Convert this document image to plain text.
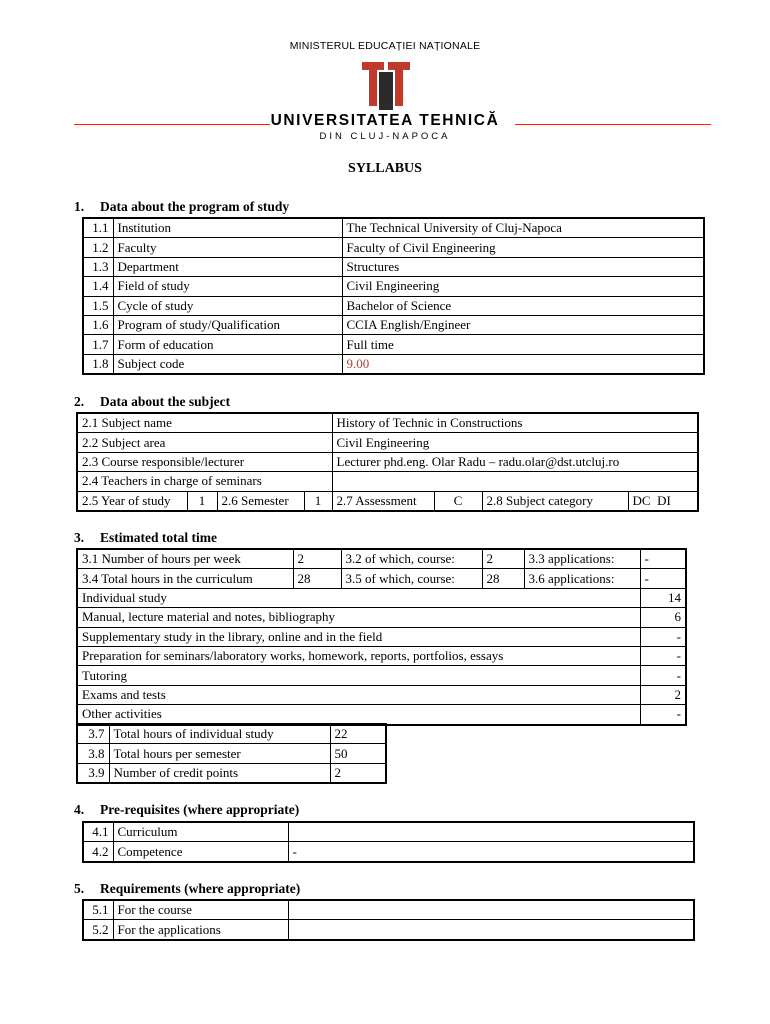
MINISTERUL EDUCAȚIEI NAȚIONALE
UNIVERSITATEA TEHNICĂ
DIN CLUJ-NAPOCA
SYLLABUS
1. Data about the program of study
1.1	Institution	The Technical University of Cluj-Napoca
1.2	Faculty	Faculty of Civil Engineering
1.3	Department	Structures
1.4	Field of study	Civil Engineering
1.5	Cycle of study	Bachelor of Science
1.6	Program of study/Qualification	CCIA English/Engineer
1.7	Form of education	Full time
1.8	Subject code	9.00
2. Data about the subject
2.1 Subject name				History of Technic in Constructions			
2.2 Subject area				Civil Engineering			
2.3 Course responsible/lecturer				Lecturer phd.eng. Olar Radu – radu.olar@dst.utcluj.ro			
2.4 Teachers in charge of seminars							
2.5 Year of study	1	2.6 Semester	1	2.7 Assessment	C	2.8 Subject category	DC DI
3. Estimated total time
3.1 Number of hours per week	2	3.2 of which, course:	2	3.3 applications:	-
3.4 Total hours in the curriculum	28	3.5 of which, course:	28	3.6 applications:	-
Individual study					14
Manual, lecture material and notes, bibliography					6
Supplementary study in the library, online and in the field					-
Preparation for seminars/laboratory works, homework, reports, portfolios, essays					-
Tutoring					-
Exams and tests					2
Other activities					-
3.7	Total hours of individual study	22
3.8	Total hours per semester	50
3.9	Number of credit points	2
4. Pre-requisites (where appropriate)
4.1	Curriculum	
4.2	Competence	-
5. Requirements (where appropriate)
5.1	For the course	
5.2	For the applications	
